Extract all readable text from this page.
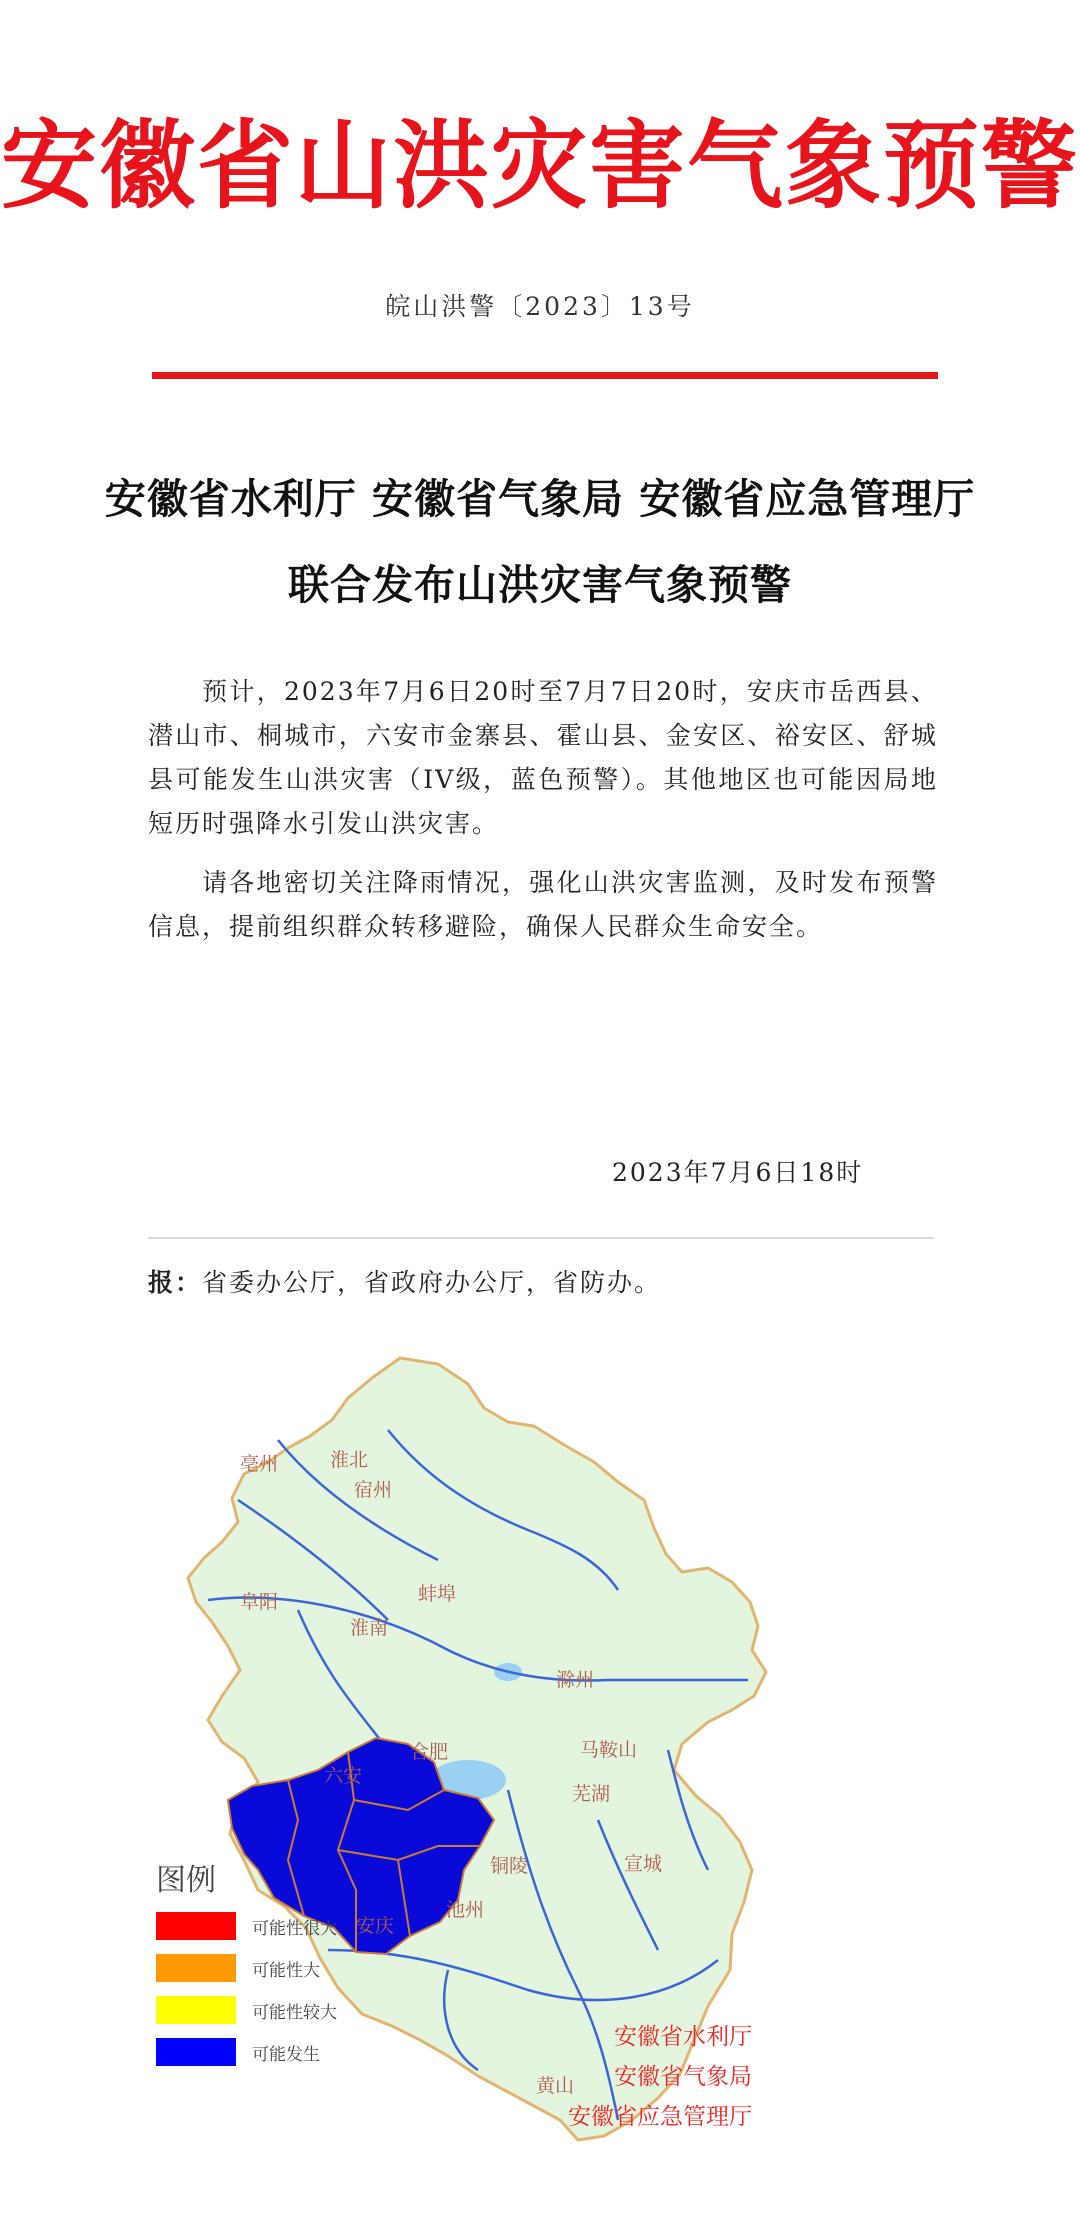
安徽省山洪灾害气象预警
皖山洪警〔2023〕13号
安徽省水利厅 安徽省气象局 安徽省应急管理厅
联合发布山洪灾害气象预警
预计，2023年7月6日20时至7月7日20时，安庆市岳西县、潜山市、桐城市，六安市金寨县、霍山县、金安区、裕安区、舒城县可能发生山洪灾害（IV级，蓝色预警）。其他地区也可能因局地短历时强降水引发山洪灾害。
请各地密切关注降雨情况，强化山洪灾害监测，及时发布预警信息，提前组织群众转移避险，确保人民群众生命安全。
2023年7月6日18时
报：省委办公厅，省政府办公厅，省防办。
亳州	淮北
宿州
蚌埠
阜阳
淮南
滁州
合肥	马鞍山
芜湖
六安
铜陵	宣城
安庆
池州
黄山
图例
可能性很大
可能性大
可能性较大
可能发生
安徽省水利厅
安徽省气象局
安徽省应急管理厅
